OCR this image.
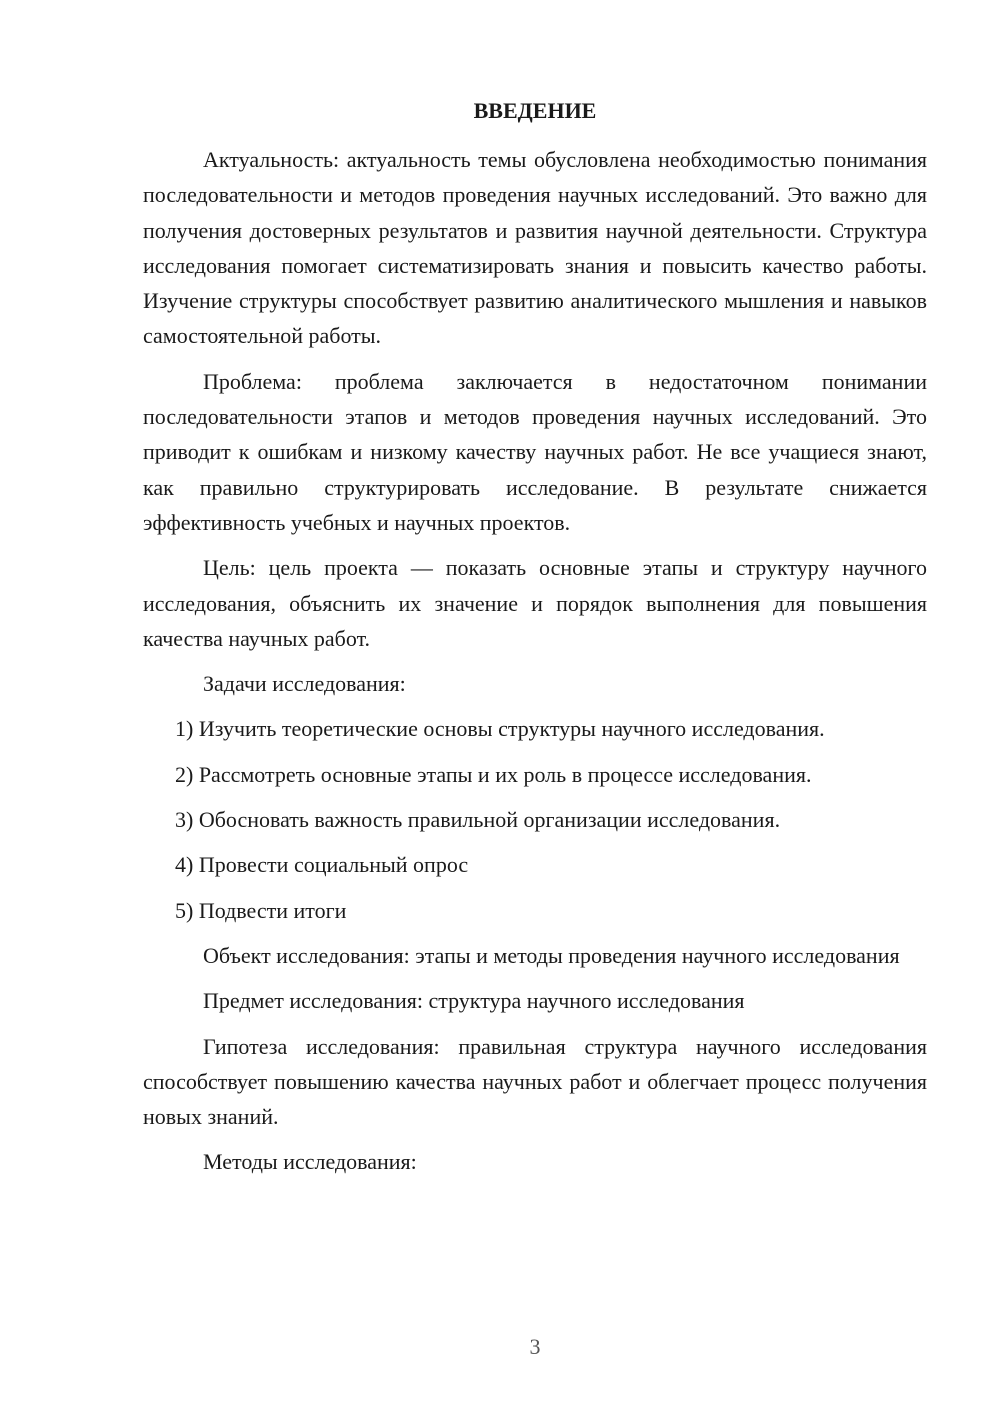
ВВЕДЕНИЕ

Актуальность: актуальность темы обусловлена необходимостью понимания последовательности и методов проведения научных исследований. Это важно для получения достоверных результатов и развития научной деятельности. Структура исследования помогает систематизировать знания и повысить качество работы. Изучение структуры способствует развитию аналитического мышления и навыков самостоятельной работы.

Проблема: проблема заключается в недостаточном понимании последовательности этапов и методов проведения научных исследований. Это приводит к ошибкам и низкому качеству научных работ. Не все учащиеся знают, как правильно структурировать исследование. В результате снижается эффективность учебных и научных проектов.

Цель: цель проекта — показать основные этапы и структуру научного исследования, объяснить их значение и порядок выполнения для повышения качества научных работ.

Задачи исследования:

1) Изучить теоретические основы структуры научного исследования.
2) Рассмотреть основные этапы и их роль в процессе исследования.
3) Обосновать важность правильной организации исследования.
4) Провести социальный опрос
5) Подвести итоги

Объект исследования: этапы и методы проведения научного исследования

Предмет исследования: структура научного исследования

Гипотеза исследования: правильная структура научного исследования способствует повышению качества научных работ и облегчает процесс получения новых знаний.

Методы исследования:

3
